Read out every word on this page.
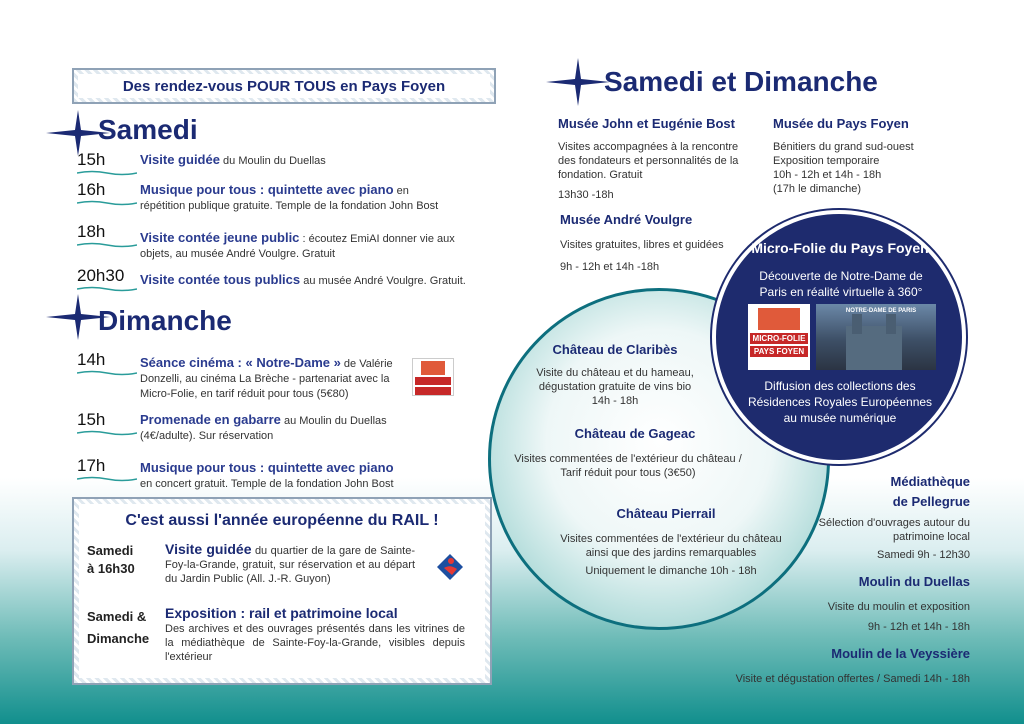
Des rendez-vous POUR TOUS en Pays Foyen
Samedi
15h	Visite guidée du Moulin du Duellas
16h	Musique pour tous : quintette avec piano en
répétition publique gratuite. Temple de la fondation John Bost
18h	Visite contée jeune public : écoutez EmiAI donner vie aux
objets, au musée André Voulgre. Gratuit
20h30	Visite contée tous publics au musée André Voulgre. Gratuit.
Dimanche
14h	Séance cinéma : « Notre-Dame » de Valérie Donzelli, au cinéma La Brèche - partenariat avec la Micro-Folie, en tarif réduit pour tous (5€80)
15h	Promenade en gabarre au Moulin du Duellas
(4€/adulte). Sur réservation
17h	Musique pour tous : quintette avec piano
en concert gratuit. Temple de la fondation John Bost
C'est aussi l'année européenne du RAIL !
Samedi
à 16h30
Visite guidée du quartier de la gare de Sainte-Foy-la-Grande, gratuit, sur réservation et au départ du Jardin Public (All. J.-R. Guyon)
Samedi &
Dimanche
Exposition : rail et patrimoine local
Des archives et des ouvrages présentés dans les vitrines de la médiathèque de Sainte-Foy-la-Grande, visibles depuis l'extérieur
Samedi et Dimanche
Musée John et Eugénie Bost
Visites accompagnées à la rencontre des fondateurs et personnalités de la fondation. Gratuit
13h30 -18h
Musée du Pays Foyen
Bénitiers du grand sud-ouest
Exposition temporaire
10h - 12h et 14h - 18h
(17h le dimanche)
Musée André Voulgre
Visites gratuites, libres et guidées
9h - 12h et 14h -18h
Château de Claribès
Visite du château et du hameau, dégustation gratuite de vins bio
14h - 18h
Château de Gageac
Visites commentées de l'extérieur du château / Tarif réduit pour tous (3€50)
Château Pierrail
Visites commentées de l'extérieur du château ainsi que des jardins remarquables
Uniquement le dimanche 10h - 18h
Micro-Folie du Pays Foyen
Découverte de Notre-Dame de Paris en réalité virtuelle à 360°
MICRO-FOLIE
PAYS FOYEN
NOTRE-DAME DE PARIS
Diffusion des collections des Résidences Royales Européennes au musée numérique
Médiathèque
de Pellegrue
Sélection d'ouvrages autour du patrimoine local
Samedi 9h - 12h30
Moulin du Duellas
Visite du moulin et exposition
9h - 12h et 14h - 18h
Moulin de la Veyssière
Visite et dégustation offertes / Samedi 14h - 18h
